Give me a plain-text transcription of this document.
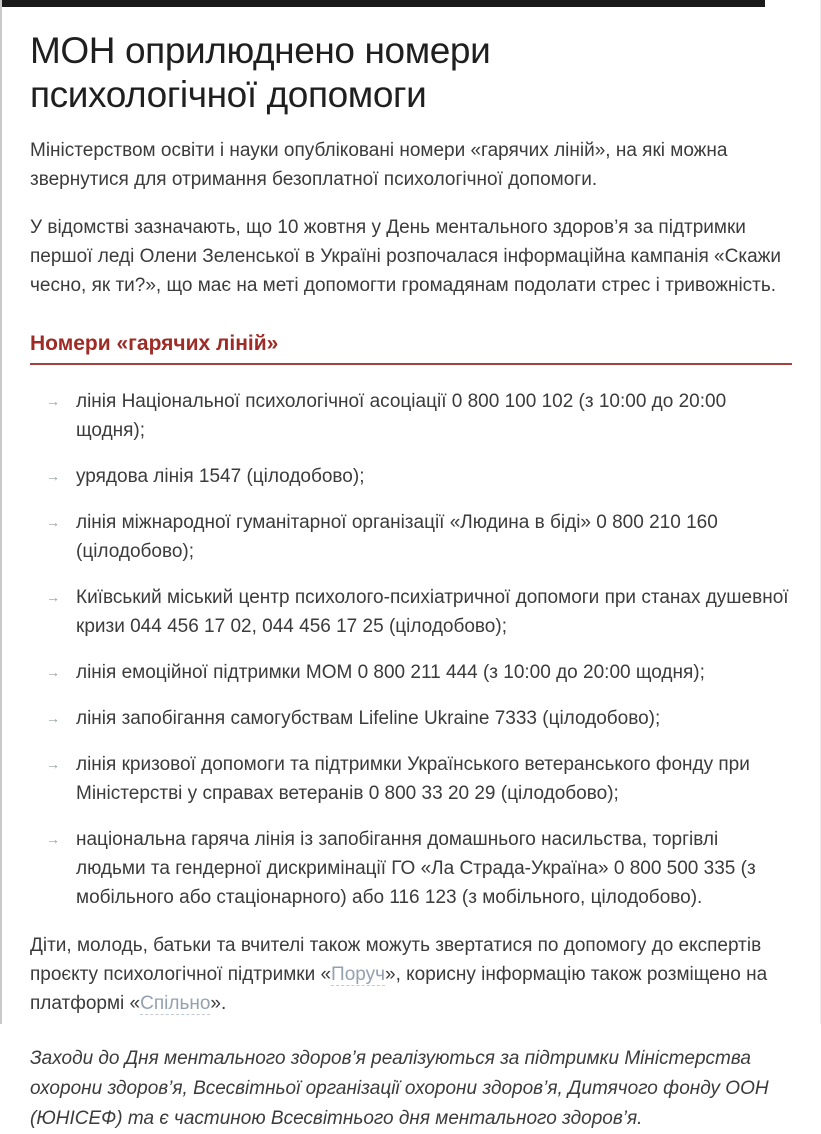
МОН оприлюднено номери психологічної допомоги

Міністерством освіти і науки опубліковані номери «гарячих ліній», на які можна звернутися для отримання безоплатної психологічної допомоги.

У відомстві зазначають, що 10 жовтня у День ментального здоров’я за підтримки першої леді Олени Зеленської в Україні розпочалася інформаційна кампанія «Скажи чесно, як ти?», що має на меті допомогти громадянам подолати стрес і тривожність.

Номери «гарячих ліній»
→ лінія Національної психологічної асоціації 0 800 100 102 (з 10:00 до 20:00 щодня);
→ урядова лінія 1547 (цілодобово);
→ лінія міжнародної гуманітарної організації «Людина в біді» 0 800 210 160 (цілодобово);
→ Київський міський центр психолого-психіатричної допомоги при станах душевної кризи 044 456 17 02, 044 456 17 25 (цілодобово);
→ лінія емоційної підтримки МОМ 0 800 211 444 (з 10:00 до 20:00 щодня);
→ лінія запобігання самогубствам Lifeline Ukraine 7333 (цілодобово);
→ лінія кризової допомоги та підтримки Українського ветеранського фонду при Міністерстві у справах ветеранів 0 800 33 20 29 (цілодобово);
→ національна гаряча лінія із запобігання домашнього насильства, торгівлі людьми та гендерної дискримінації ГО «Ла Страда-Україна» 0 800 500 335 (з мобільного або стаціонарного) або 116 123 (з мобільного, цілодобово).

Діти, молодь, батьки та вчителі також можуть звертатися по допомогу до експертів проєкту психологічної підтримки «Поруч», корисну інформацію також розміщено на платформі «Спільно».

Заходи до Дня ментального здоров’я реалізуються за підтримки Міністерства охорони здоров’я, Всесвітньої організації охорони здоров’я, Дитячого фонду ООН (ЮНІСЕФ) та є частиною Всесвітнього дня ментального здоров’я.
